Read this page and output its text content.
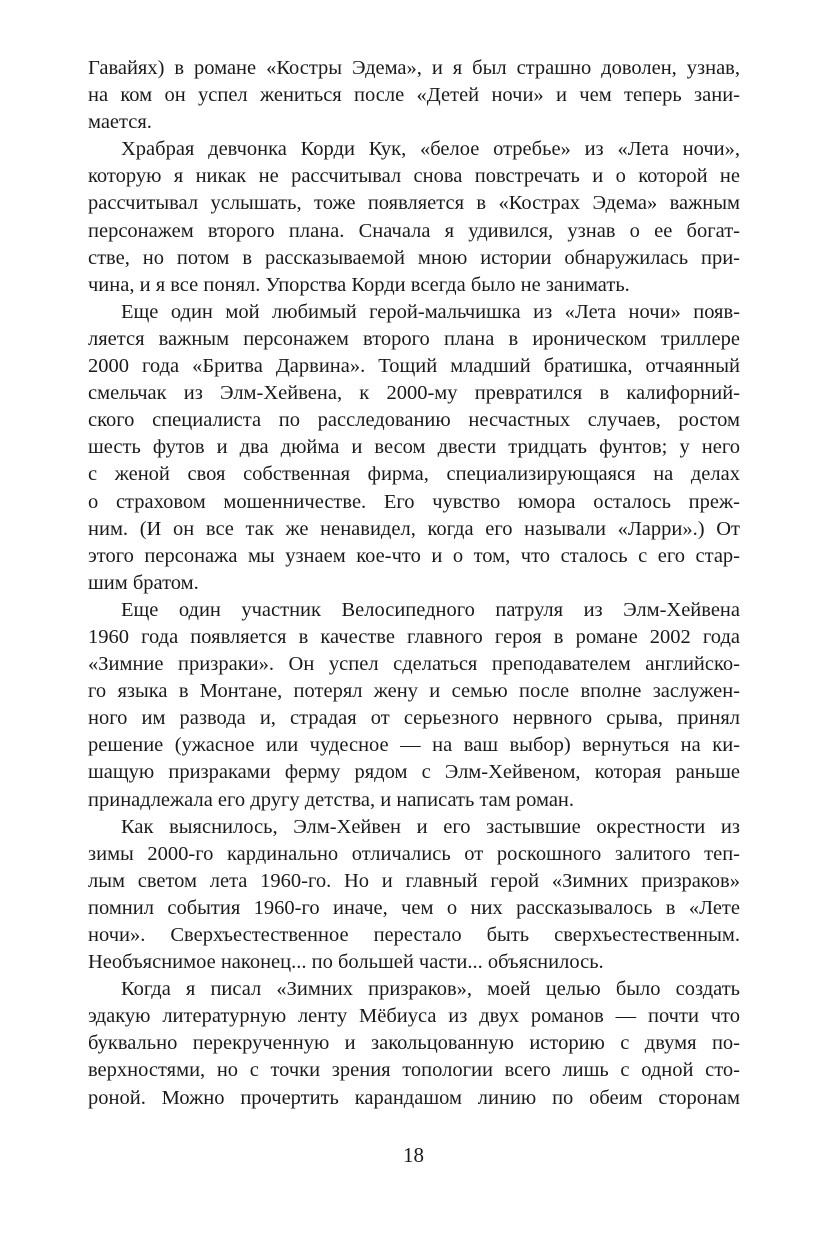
Гавайях) в романе «Костры Эдема», и я был страшно доволен, узнав,
на ком он успел жениться после «Детей ночи» и чем теперь зани-
мается.
Храбрая девчонка Корди Кук, «белое отребье» из «Лета ночи»,
которую я никак не рассчитывал снова повстречать и о которой не
рассчитывал услышать, тоже появляется в «Кострах Эдема» важным
персонажем второго плана. Сначала я удивился, узнав о ее богат-
стве, но потом в рассказываемой мною истории обнаружилась при-
чина, и я все понял. Упорства Корди всегда было не занимать.
Еще один мой любимый герой-мальчишка из «Лета ночи» появ-
ляется важным персонажем второго плана в ироническом триллере
2000 года «Бритва Дарвина». Тощий младший братишка, отчаянный
смельчак из Элм-Хейвена, к 2000-му превратился в калифорний-
ского специалиста по расследованию несчастных случаев, ростом
шесть футов и два дюйма и весом двести тридцать фунтов; у него
с женой своя собственная фирма, специализирующаяся на делах
о страховом мошенничестве. Его чувство юмора осталось преж-
ним. (И он все так же ненавидел, когда его называли «Ларри».) От
этого персонажа мы узнаем кое-что и о том, что сталось с его стар-
шим братом.
Еще один участник Велосипедного патруля из Элм-Хейвена
1960 года появляется в качестве главного героя в романе 2002 года
«Зимние призраки». Он успел сделаться преподавателем английско-
го языка в Монтане, потерял жену и семью после вполне заслужен-
ного им развода и, страдая от серьезного нервного срыва, принял
решение (ужасное или чудесное — на ваш выбор) вернуться на ки-
шащую призраками ферму рядом с Элм-Хейвеном, которая раньше
принадлежала его другу детства, и написать там роман.
Как выяснилось, Элм-Хейвен и его застывшие окрестности из
зимы 2000-го кардинально отличались от роскошного залитого теп-
лым светом лета 1960-го. Но и главный герой «Зимних призраков»
помнил события 1960-го иначе, чем о них рассказывалось в «Лете
ночи». Сверхъестественное перестало быть сверхъестественным.
Необъяснимое наконец... по большей части... объяснилось.
Когда я писал «Зимних призраков», моей целью было создать
эдакую литературную ленту Мёбиуса из двух романов — почти что
буквально перекрученную и закольцованную историю с двумя по-
верхностями, но с точки зрения топологии всего лишь с одной сто-
роной. Можно прочертить карандашом линию по обеим сторонам
18
